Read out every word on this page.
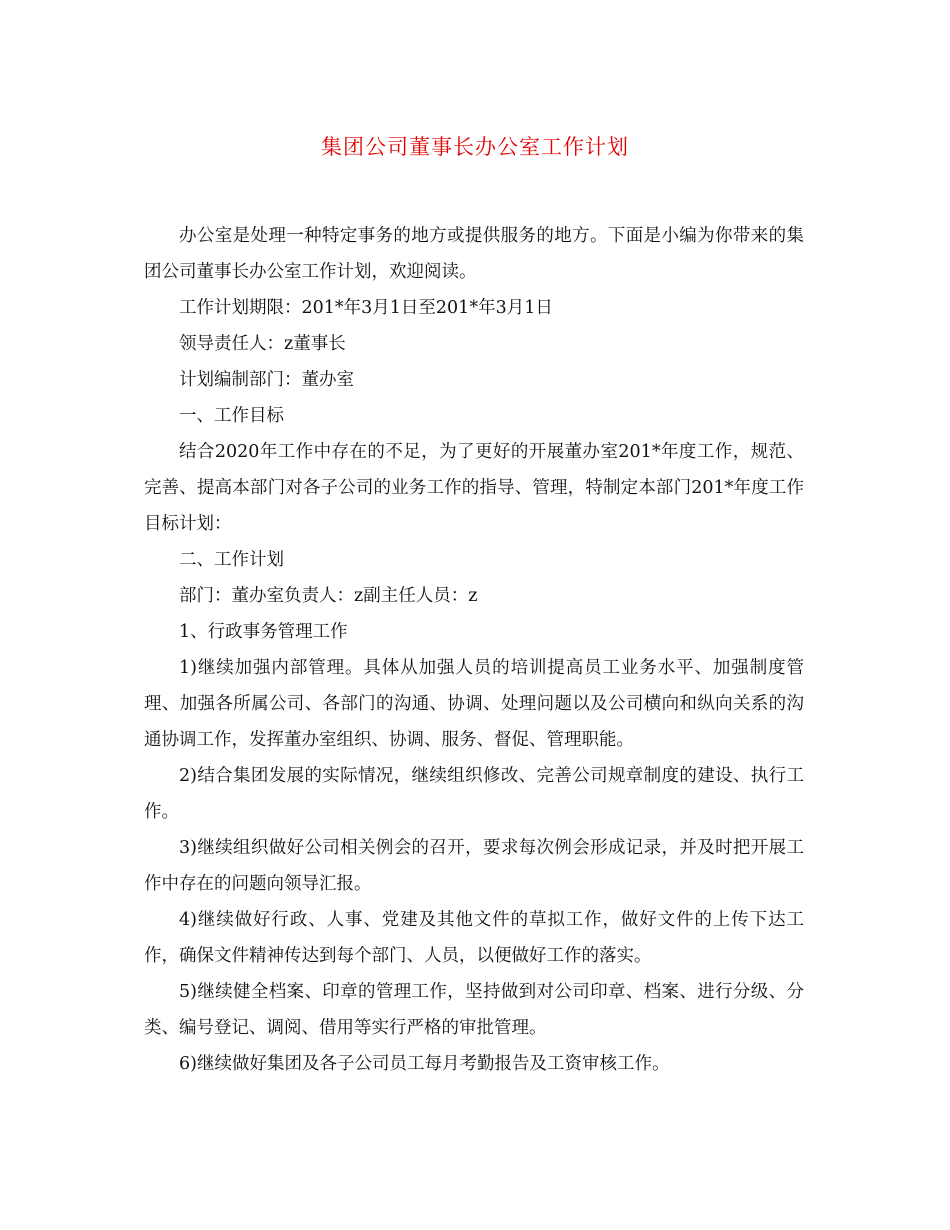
集团公司董事长办公室工作计划

办公室是处理一种特定事务的地方或提供服务的地方。下面是小编为你带来的集团公司董事长办公室工作计划，欢迎阅读。

工作计划期限：201*年3月1日至201*年3月1日

领导责任人：z董事长

计划编制部门：董办室

一、工作目标

结合2020年工作中存在的不足，为了更好的开展董办室201*年度工作，规范、完善、提高本部门对各子公司的业务工作的指导、管理，特制定本部门201*年度工作目标计划：

二、工作计划

部门：董办室负责人：z副主任人员：z

1、行政事务管理工作

1)继续加强内部管理。具体从加强人员的培训提高员工业务水平、加强制度管理、加强各所属公司、各部门的沟通、协调、处理问题以及公司横向和纵向关系的沟通协调工作，发挥董办室组织、协调、服务、督促、管理职能。

2)结合集团发展的实际情况，继续组织修改、完善公司规章制度的建设、执行工作。

3)继续组织做好公司相关例会的召开，要求每次例会形成记录，并及时把开展工作中存在的问题向领导汇报。

4)继续做好行政、人事、党建及其他文件的草拟工作，做好文件的上传下达工作，确保文件精神传达到每个部门、人员，以便做好工作的落实。

5)继续健全档案、印章的管理工作，坚持做到对公司印章、档案、进行分级、分类、编号登记、调阅、借用等实行严格的审批管理。

6)继续做好集团及各子公司员工每月考勤报告及工资审核工作。
